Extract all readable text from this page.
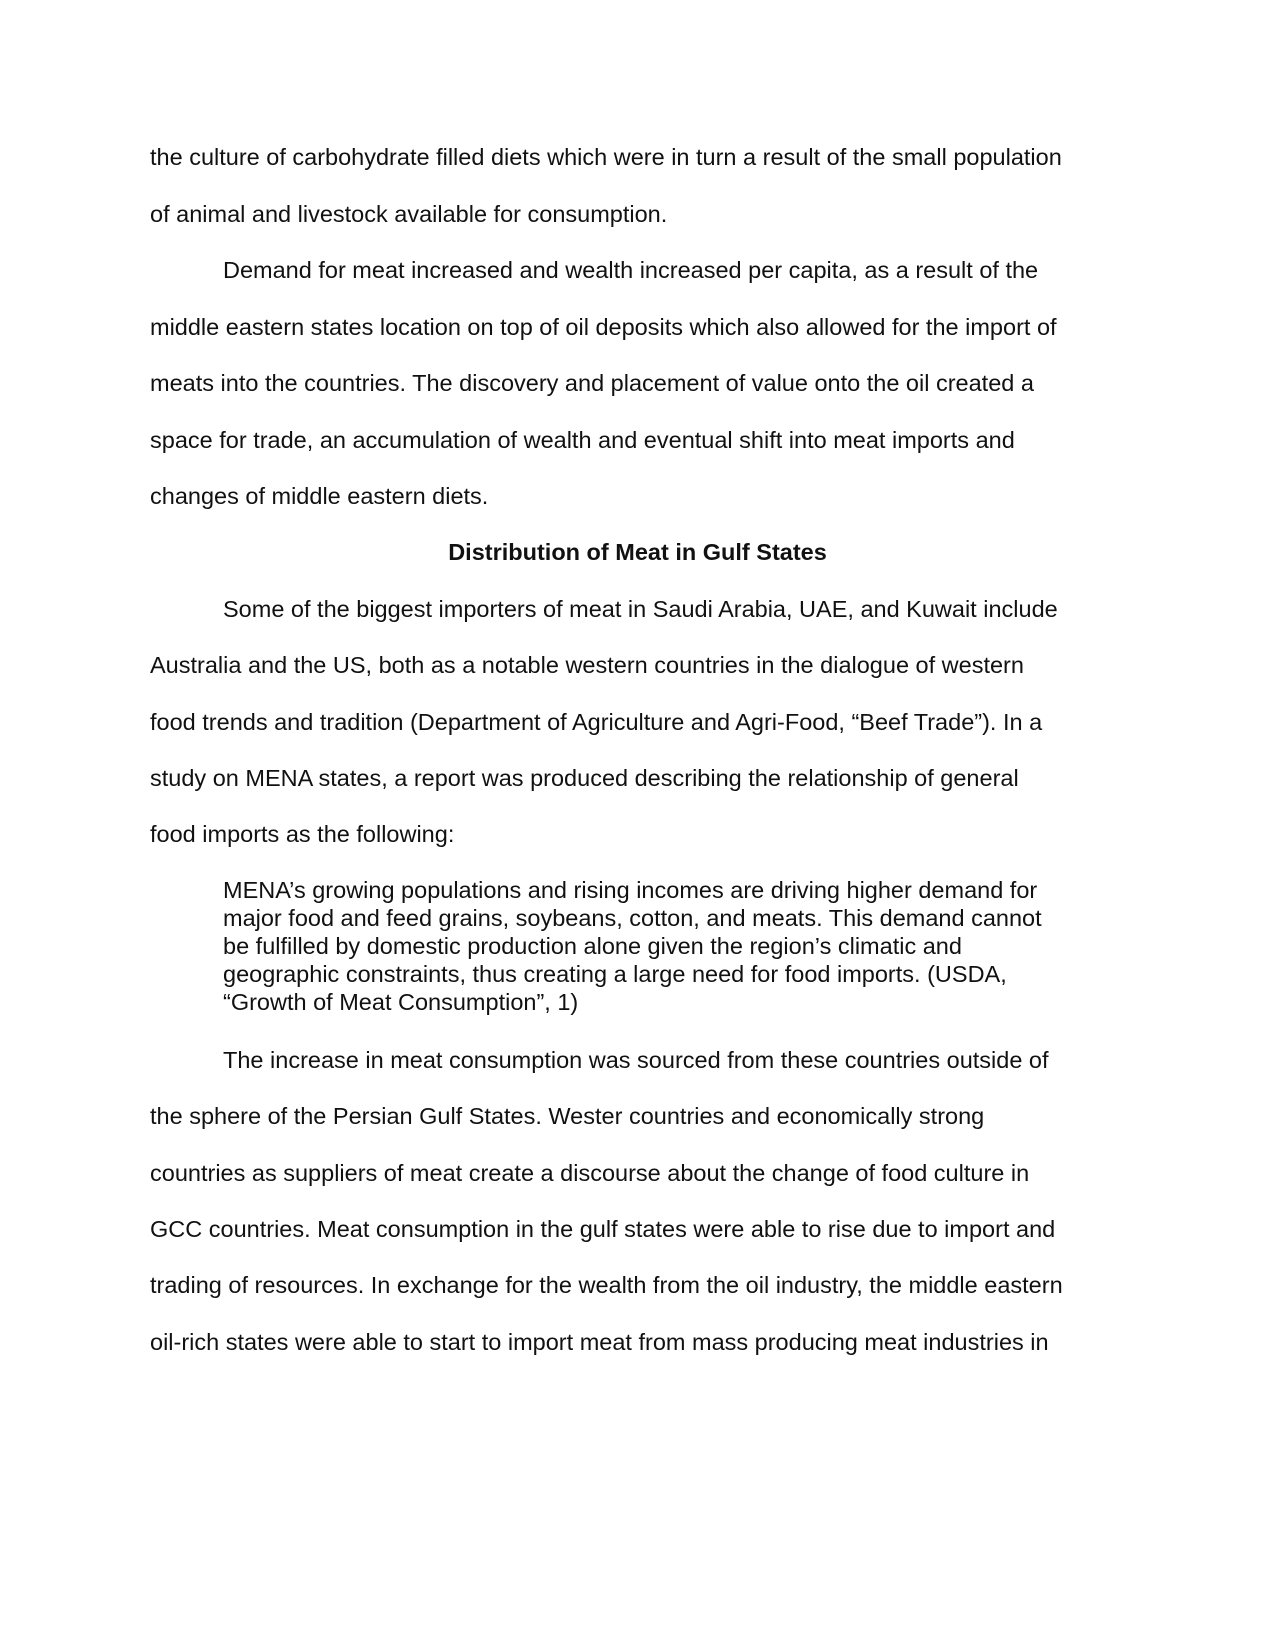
the culture of carbohydrate filled diets which were in turn a result of the small population
of animal and livestock available for consumption.
Demand for meat increased and wealth increased per capita, as a result of the
middle eastern states location on top of oil deposits which also allowed for the import of
meats into the countries. The discovery and placement of value onto the oil created a
space for trade, an accumulation of wealth and eventual shift into meat imports and
changes of middle eastern diets.
Distribution of Meat in Gulf States
Some of the biggest importers of meat in Saudi Arabia, UAE, and Kuwait include
Australia and the US, both as a notable western countries in the dialogue of western
food trends and tradition (Department of Agriculture and Agri-Food, “Beef Trade”). In a
study on MENA states, a report was produced describing the relationship of general
food imports as the following:
MENA’s growing populations and rising incomes are driving higher demand for
major food and feed grains, soybeans, cotton, and meats. This demand cannot
be fulfilled by domestic production alone given the region’s climatic and
geographic constraints, thus creating a large need for food imports. (USDA,
“Growth of Meat Consumption”, 1)
The increase in meat consumption was sourced from these countries outside of
the sphere of the Persian Gulf States. Wester countries and economically strong
countries as suppliers of meat create a discourse about the change of food culture in
GCC countries. Meat consumption in the gulf states were able to rise due to import and
trading of resources. In exchange for the wealth from the oil industry, the middle eastern
oil-rich states were able to start to import meat from mass producing meat industries in
